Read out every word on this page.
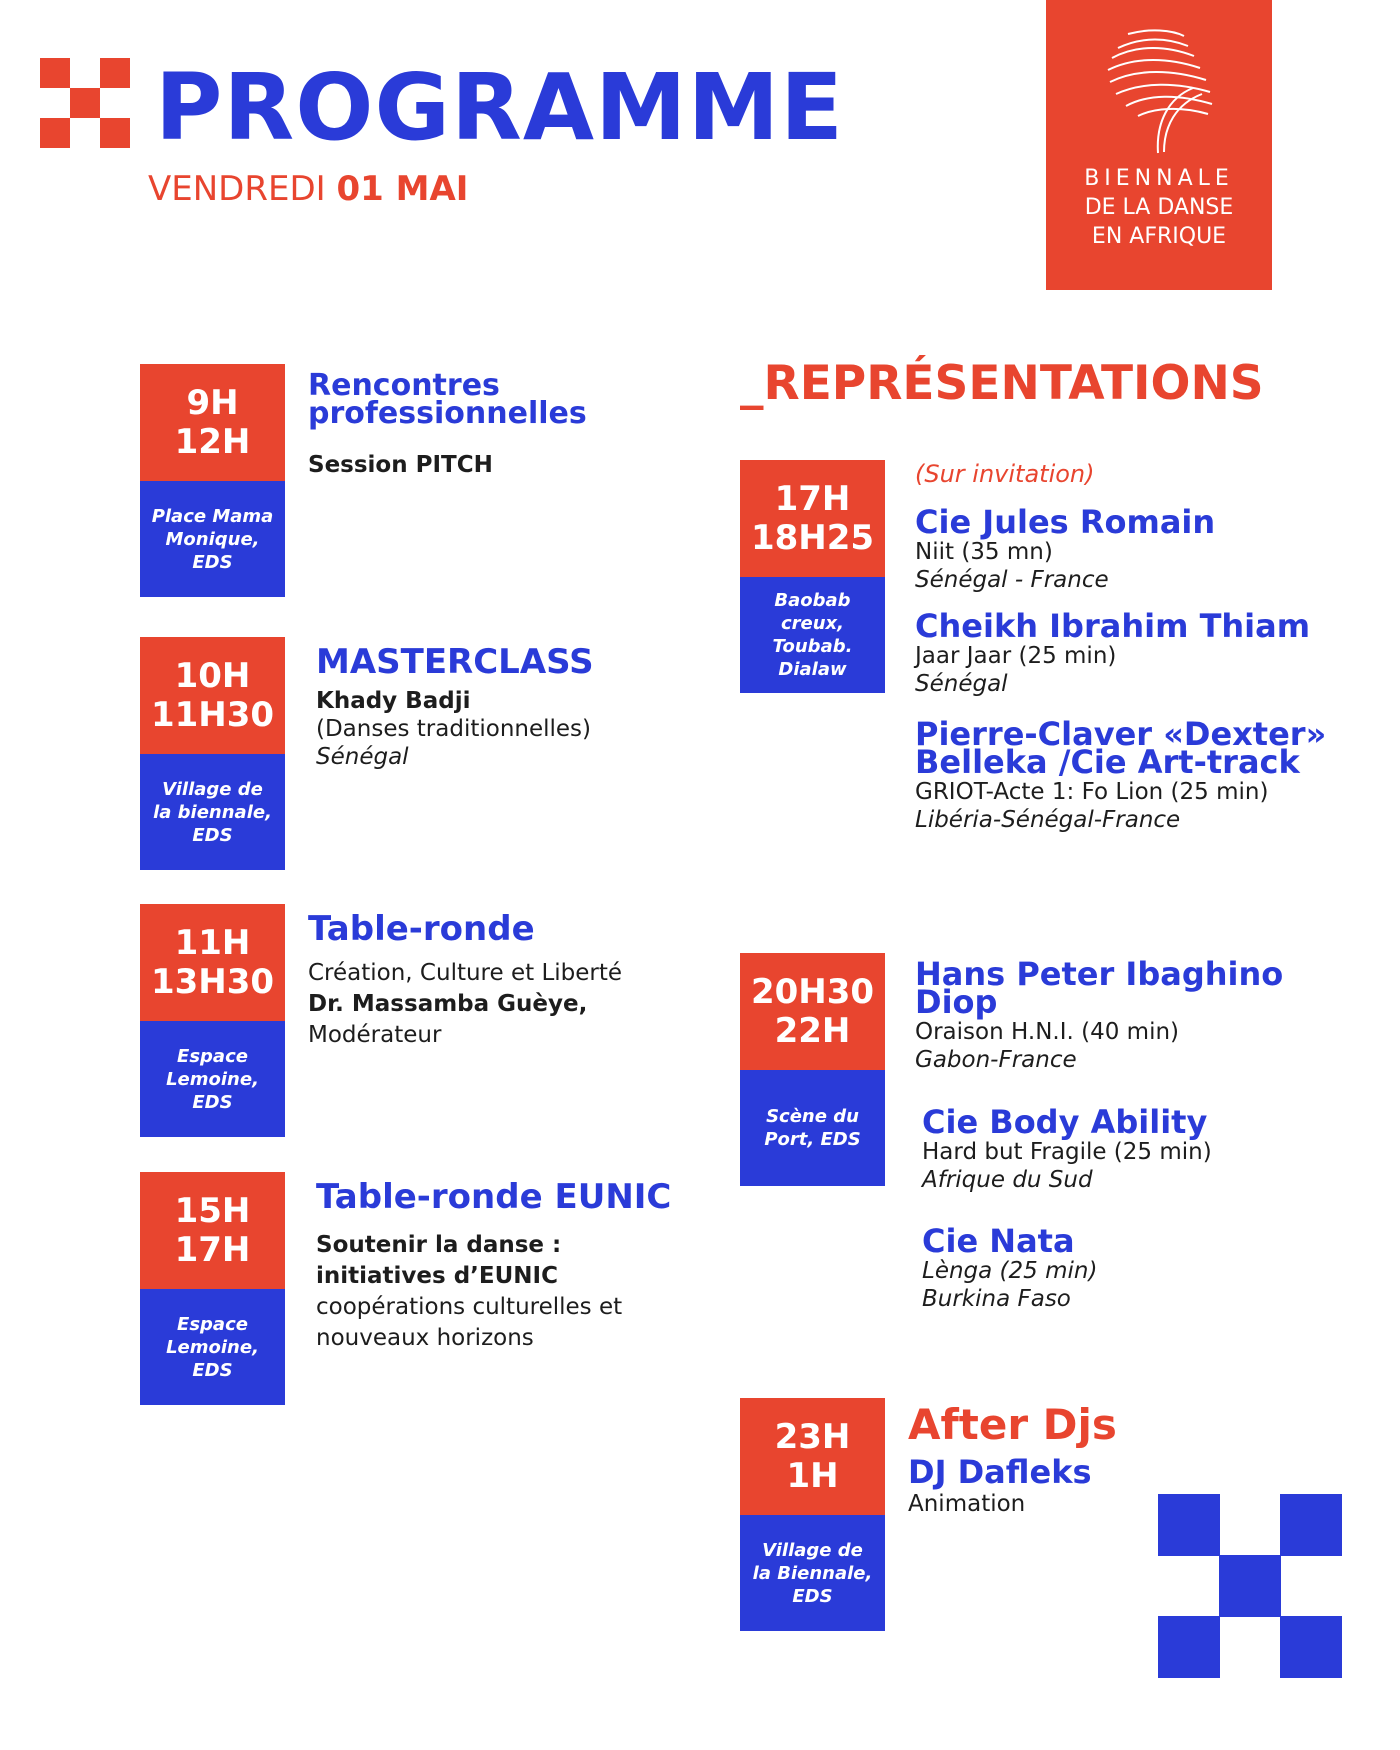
PROGRAMME
VENDREDI 01 MAI	BIENNALE
DE LA DANSE
EN AFRIQUE
9H
12H
Place Mama
Monique,
EDS
Rencontres
professionnelles
Session PITCH
10H
11H30
Village de
la biennale,
EDS
MASTERCLASS
Khady Badji
(Danses traditionnelles)
Sénégal
11H
13H30
Espace
Lemoine,
EDS
Table-ronde
Création, Culture et Liberté
Dr. Massamba Guèye,
Modérateur
15H
17H
Espace
Lemoine,
EDS
Table-ronde EUNIC
Soutenir la danse :
initiatives d’EUNIC
coopérations culturelles et
nouveaux horizons
_REPRÉSENTATIONS
17H
18H25
Baobab
creux,
Toubab.
Dialaw
(Sur invitation)
Cie Jules Romain
Niit (35 mn)
Sénégal - France
Cheikh Ibrahim Thiam
Jaar Jaar (25 min)
Sénégal
Pierre-Claver «Dexter»
Belleka /Cie Art-track
GRIOT-Acte 1: Fo Lion (25 min)
Libéria-Sénégal-France
20H30
22H
Scène du
Port, EDS
Hans Peter Ibaghino
Diop
Oraison H.N.I. (40 min)
Gabon-France
Cie Body Ability
Hard but Fragile (25 min)
Afrique du Sud
Cie Nata
Lènga (25 min)
Burkina Faso
23H
1H
Village de
la Biennale,
EDS
After Djs
DJ Dafleks
Animation
